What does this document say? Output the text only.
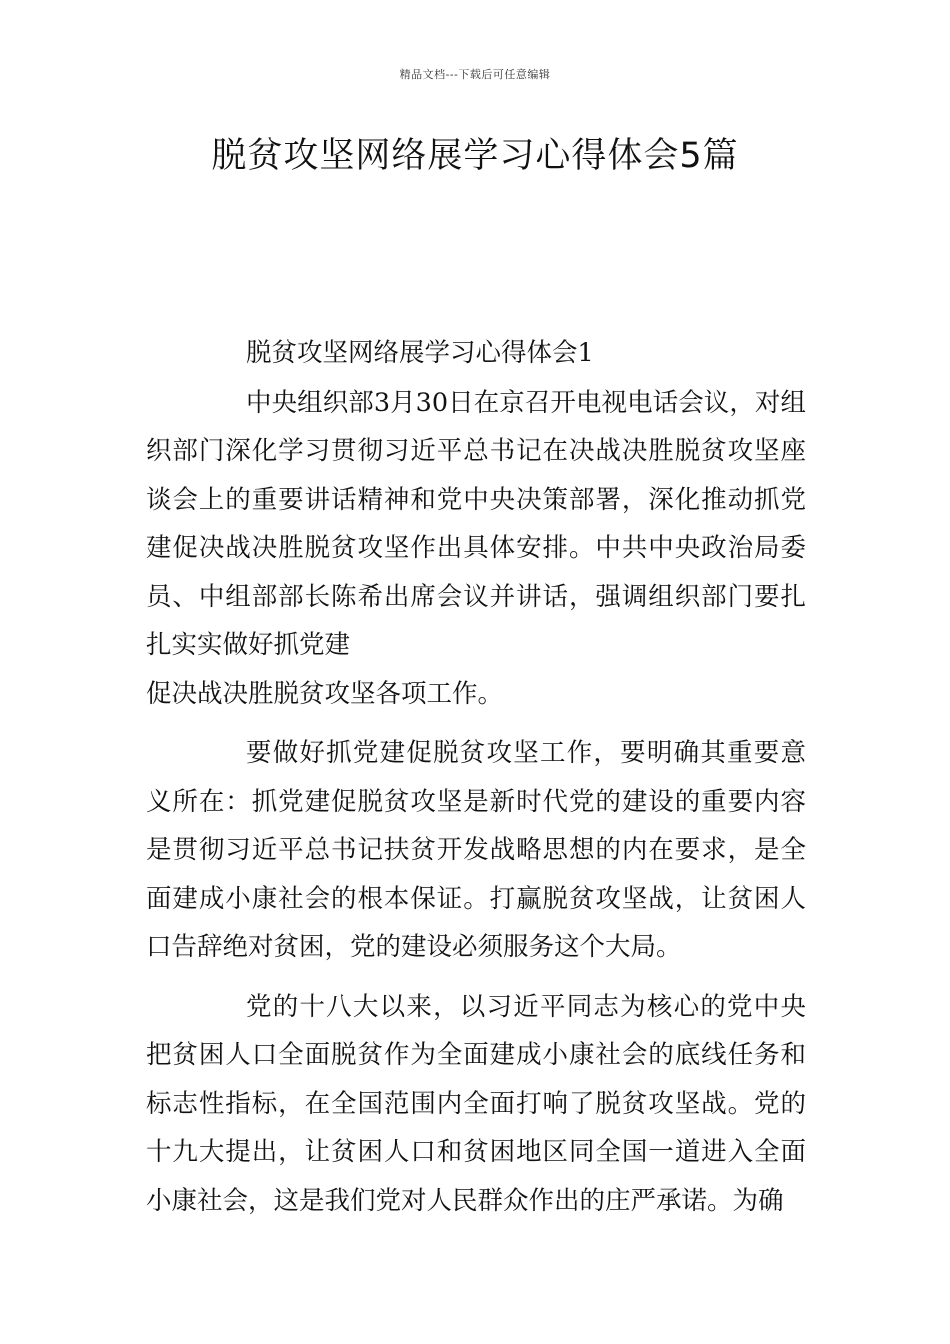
精品文档---下载后可任意编辑
脱贫攻坚网络展学习心得体会5篇

脱贫攻坚网络展学习心得体会1

中央组织部3月30日在京召开电视电话会议，对组织部门深化学习贯彻习近平总书记在决战决胜脱贫攻坚座谈会上的重要讲话精神和党中央决策部署，深化推动抓党建促决战决胜脱贫攻坚作出具体安排。中共中央政治局委员、中组部部长陈希出席会议并讲话，强调组织部门要扎扎实实做好抓党建

促决战决胜脱贫攻坚各项工作。

要做好抓党建促脱贫攻坚工作，要明确其重要意义所在：抓党建促脱贫攻坚是新时代党的建设的重要内容是贯彻习近平总书记扶贫开发战略思想的内在要求，是全面建成小康社会的根本保证。打赢脱贫攻坚战，让贫困人口告辞绝对贫困，党的建设必须服务这个大局。

党的十八大以来，以习近平同志为核心的党中央把贫困人口全面脱贫作为全面建成小康社会的底线任务和标志性指标，在全国范围内全面打响了脱贫攻坚战。党的十九大提出，让贫困人口和贫困地区同全国一道进入全面小康社会，这是我们党对人民群众作出的庄严承诺。为确
